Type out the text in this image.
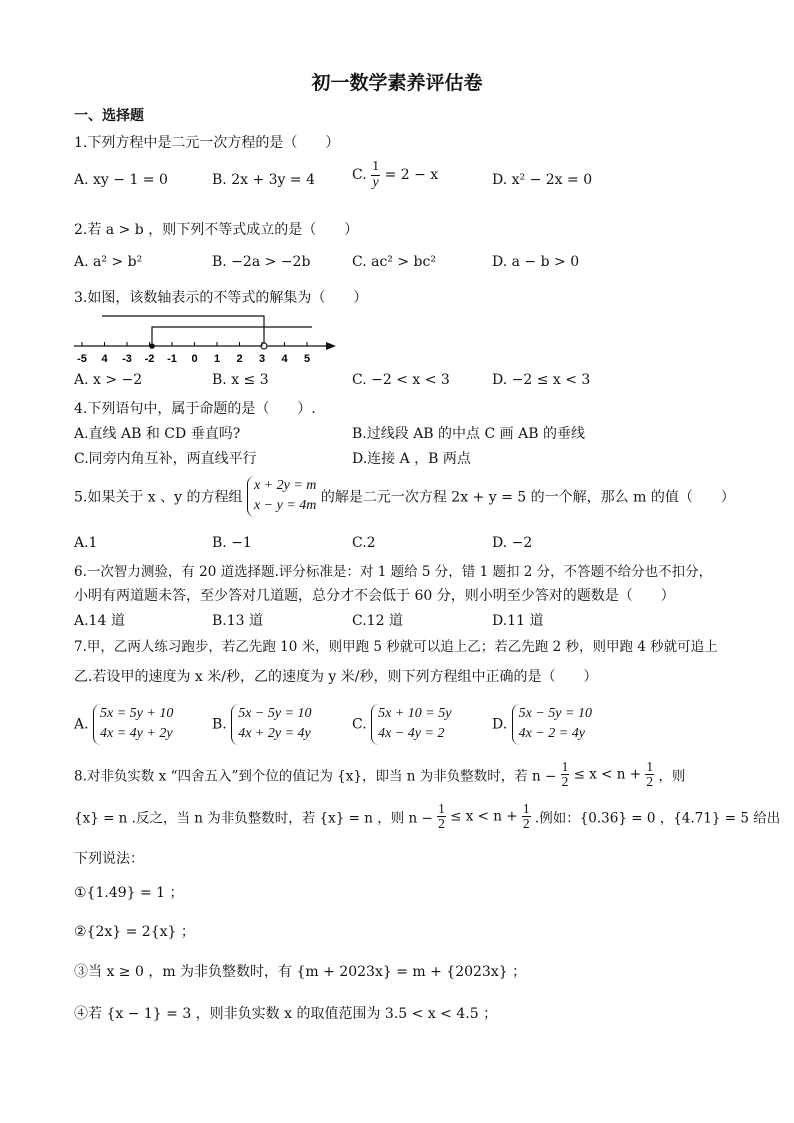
初一数学素养评估卷
一、选择题
1.下列方程中是二元一次方程的是（　　）
A. xy − 1 = 0	B. 2x + 3y = 4	C. $\frac{1}{y} = 2 - x$	D. x² − 2x = 0
2.若 a > b ，则下列不等式成立的是（　　）
A. a² > b²	B. −2a > −2b	C. ac² > bc²	D. a − b > 0
3.如图，该数轴表示的不等式的解集为（　　）
-5 4 -3 -2 -1 0 1 2 3 4 5
A. x > −2	B. x ≤ 3	C. −2 < x < 3	D. −2 ≤ x < 3
4.下列语句中，属于命题的是（　　）.
A.直线 AB 和 CD 垂直吗?	B.过线段 AB 的中点 C 画 AB 的垂线
C.同旁内角互补，两直线平行	D.连接 A ，B 两点
5.如果关于 x 、y 的方程组
x + 2y = m
x − y = 4m
的解是二元一次方程 2x + y = 5 的一个解，那么 m 的值（　　）
A.1	B. −1	C.2	D. −2
6.一次智力测验，有 20 道选择题.评分标准是：对 1 题给 5 分，错 1 题扣 2 分，不答题不给分也不扣分，
小明有两道题未答，至少答对几道题，总分才不会低于 60 分，则小明至少答对的题数是（　　）
A.14 道	B.13 道	C.12 道	D.11 道
7.甲，乙两人练习跑步，若乙先跑 10 米，则甲跑 5 秒就可以追上乙；若乙先跑 2 秒，则甲跑 4 秒就可追上
乙.若设甲的速度为 x 米/秒，乙的速度为 y 米/秒，则下列方程组中正确的是（　　）
A.
5x = 5y + 10
4x = 4y + 2y
B.
5x − 5y = 10
4x + 2y = 4y
C.
5x + 10 = 5y
4x − 4y = 2
D.
5x − 5y = 10
4x − 2 = 4y
8.对非负实数 x “四舍五入”到个位的值记为 {x}，即当 n 为非负整数时，若 $n - \frac{1}{2} \le x < n + \frac{1}{2}$ ，则
{x} = n .反之，当 n 为非负整数时，若 {x} = n ，则 $n - \frac{1}{2} \le x < n + \frac{1}{2}$ .例如：{0.36} = 0 ，{4.71} = 5 给出
下列说法：
①{1.49} = 1 ；
②{2x} = 2{x} ；
③当 x ≥ 0 ，m 为非负整数时，有 {m + 2023x} = m + {2023x} ；
④若 {x − 1} = 3 ，则非负实数 x 的取值范围为 3.5 < x < 4.5 ；
